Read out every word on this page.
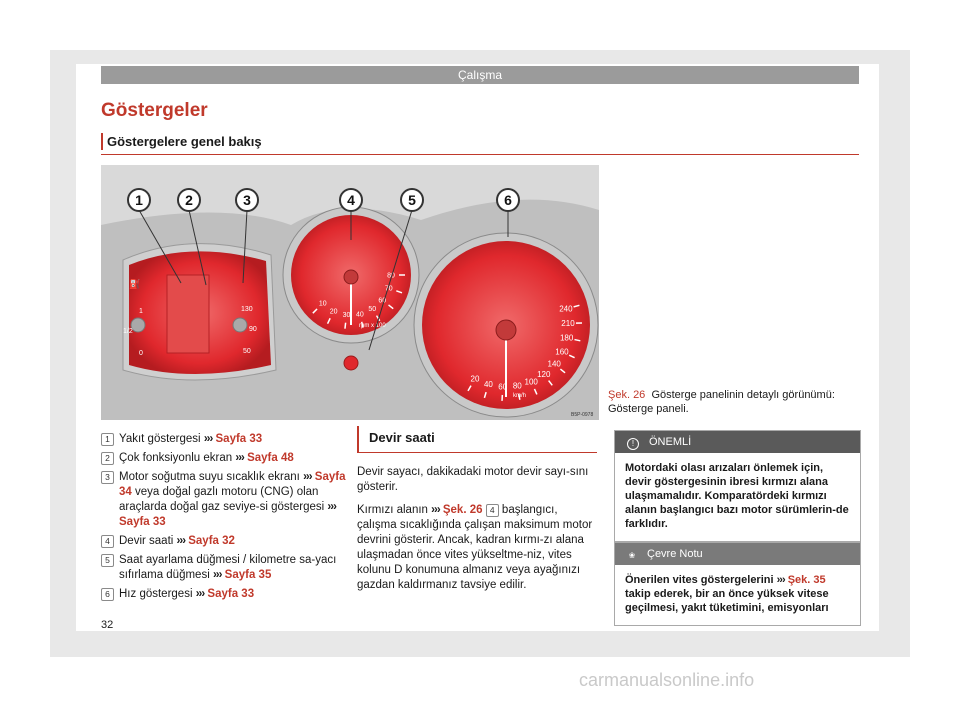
Çalışma
Göstergeler
Göstergelere genel bakış
1/2
0
1
90
130
50
⛽
10
20
30 40
50
60
70
80
rpm x 100
20
40 60 80 100
120
140
160
180
210
240
km/h
1	2	3	4	5	6
B5P-0978
Şek. 26 Gösterge panelinin detaylı görünümü: Gösterge paneli.
1 Yakıt göstergesi ››› Sayfa 33
2 Çok fonksiyonlu ekran ››› Sayfa 48
3 Motor soğutma suyu sıcaklık ekranı ››› Sayfa 34 veya doğal gazlı motoru (CNG) olan araçlarda doğal gaz seviye-si göstergesi ››› Sayfa 33
4 Devir saati ››› Sayfa 32
5 Saat ayarlama düğmesi / kilometre sa-yacı sıfırlama düğmesi ››› Sayfa 35
6 Hız göstergesi ››› Sayfa 33
Devir saati

Devir sayacı, dakikadaki motor devir sayı-sını gösterir.

Kırmızı alanın ››› Şek. 26 4 başlangıcı, çalışma sıcaklığında çalışan maksimum motor devrini gösterir. Ancak, kadran kırmı-zı alana ulaşmadan önce vites yükseltme-niz, vites kolunu D konumuna almanız veya ayağınızı gazdan kaldırmanız tavsiye edilir.

! ÖNEMLİ
Motordaki olası arızaları önlemek için, devir göstergesinin ibresi kırmızı alana ulaşmamalıdır. Komparatördeki kırmızı alanın başlangıcı bazı motor sürümlerin-de farklıdır.
❀ Çevre Notu
Önerilen vites göstergelerini ››› Şek. 35 takip ederek, bir an önce yüksek vitese geçilmesi, yakıt tüketimini, emisyonları
32
carmanualsonline.info
